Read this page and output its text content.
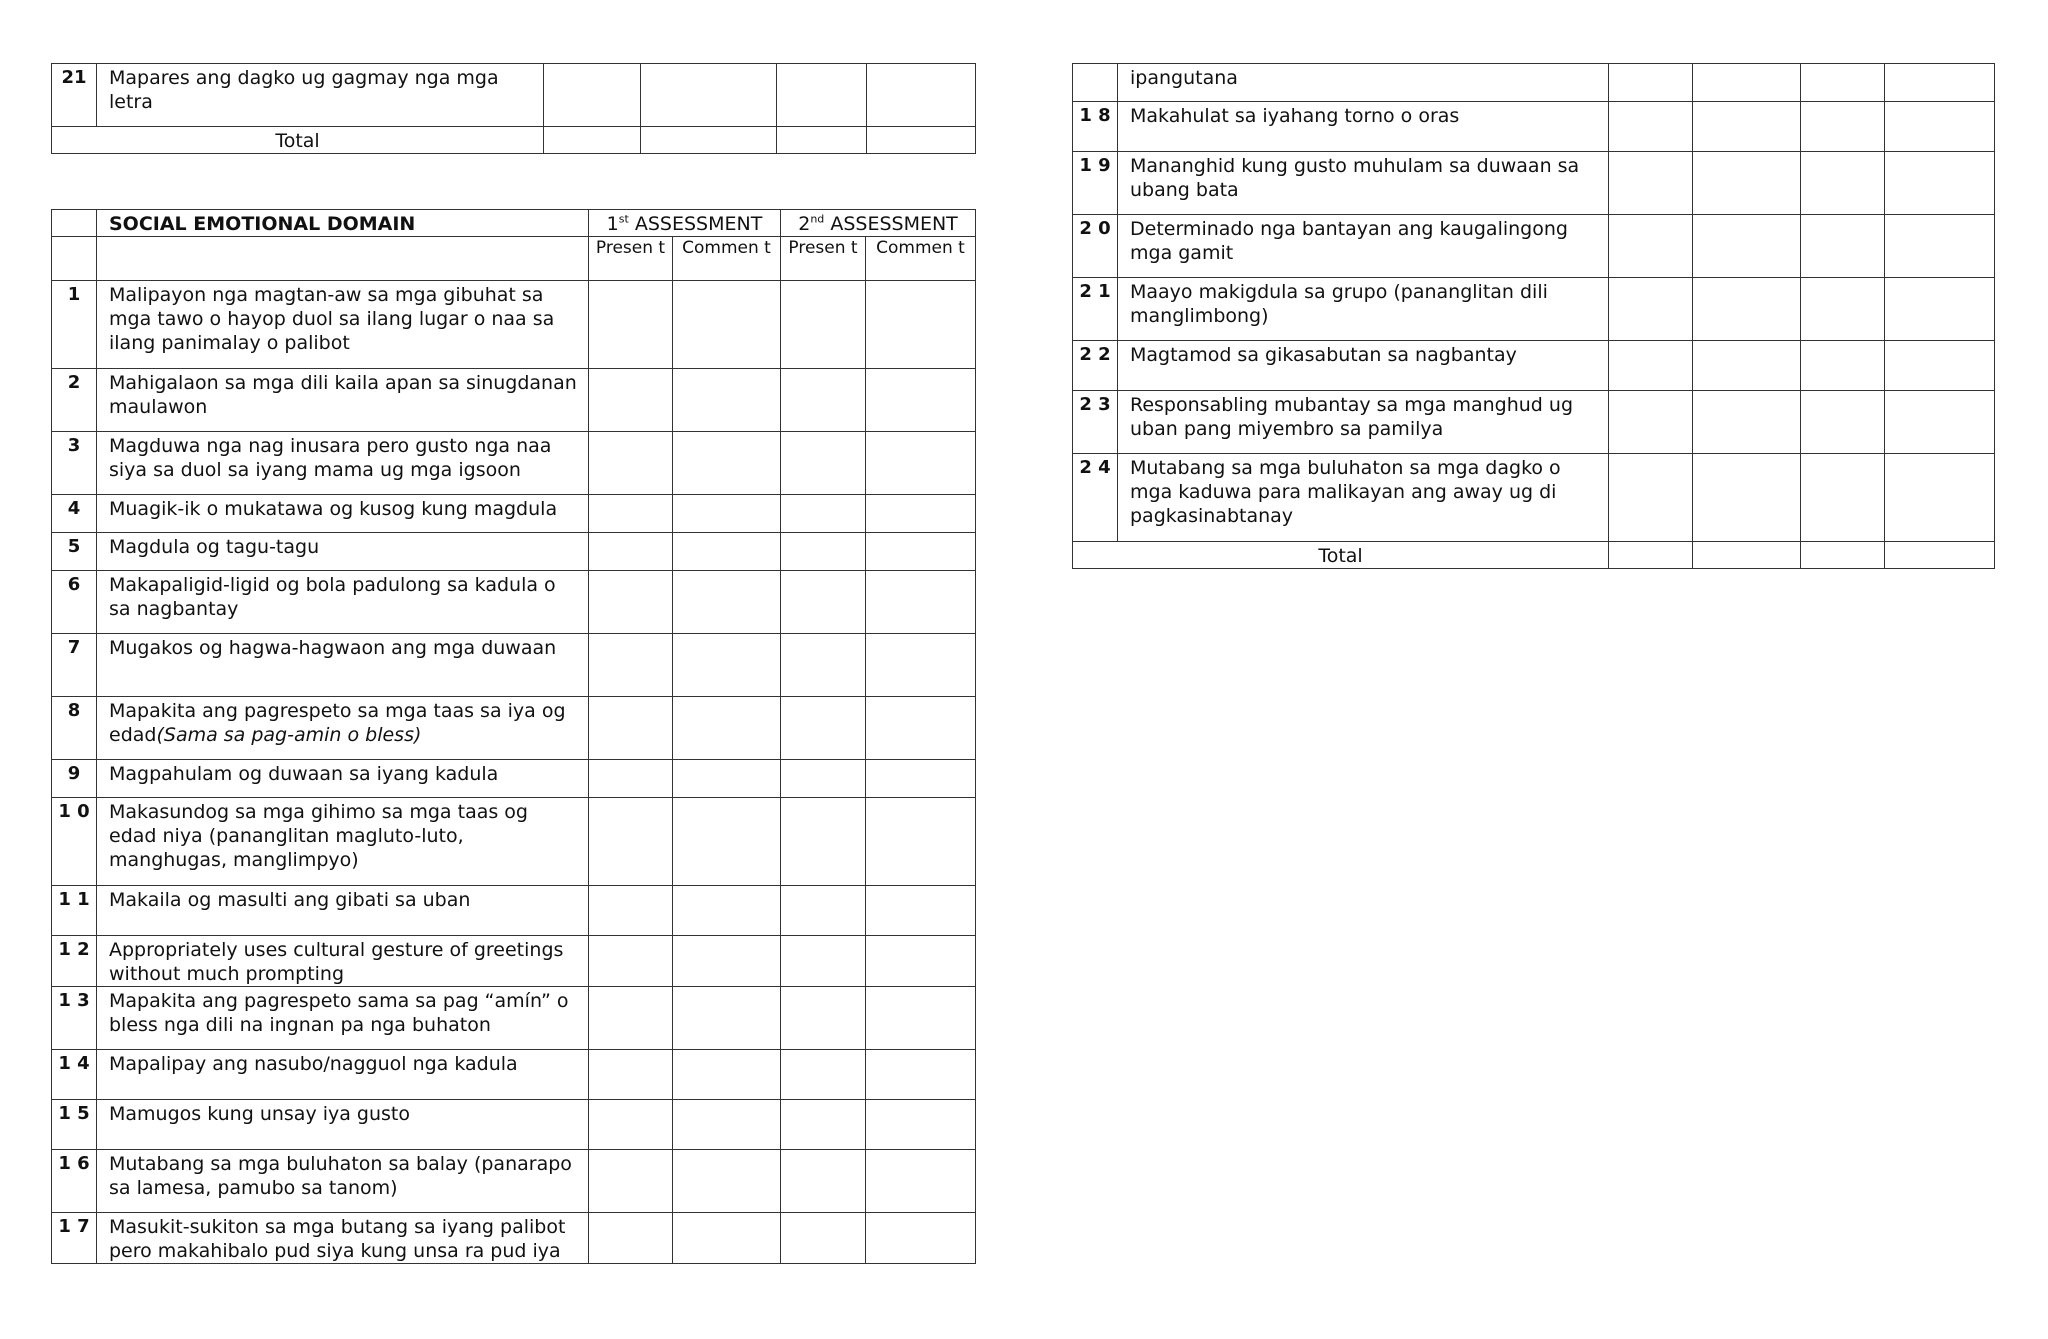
21	Mapares ang dagko ug gagmay nga mga letra				
Total					
	SOCIAL EMOTIONAL DOMAIN	1st ASSESSMENT		2nd ASSESSMENT	
		Presen t	Commen t	Presen t	Commen t
1	Malipayon nga magtan-aw sa mga gibuhat sa mga tawo o hayop duol sa ilang lugar o naa sa ilang panimalay o palibot				
2	Mahigalaon sa mga dili kaila apan sa sinugdanan maulawon				
3	Magduwa nga nag inusara pero gusto nga naa siya sa duol sa iyang mama ug mga igsoon				
4	Muagik-ik o mukatawa og kusog kung magdula				
5	Magdula og tagu-tagu				
6	Makapaligid-ligid og bola padulong sa kadula o sa nagbantay				
7	Mugakos og hagwa-hagwaon ang mga duwaan				
8	Mapakita ang pagrespeto sa mga taas sa iya og edad(Sama sa pag-amin o bless)				
9	Magpahulam og duwaan sa iyang kadula				
1 0	Makasundog sa mga gihimo sa mga taas og edad niya (pananglitan magluto-luto, manghugas, manglimpyo)				
1 1	Makaila og masulti ang gibati sa uban				
1 2	Appropriately uses cultural gesture of greetings without much prompting				
1 3	Mapakita ang pagrespeto sama sa pag “amín” o bless nga dili na ingnan pa nga buhaton				
1 4	Mapalipay ang nasubo/nagguol nga kadula				
1 5	Mamugos kung unsay iya gusto				
1 6	Mutabang sa mga buluhaton sa balay (panarapo sa lamesa, pamubo sa tanom)				
1 7	Masukit-sukiton sa mga butang sa iyang palibot pero makahibalo pud siya kung unsa ra pud iya				
	ipangutana				
1 8	Makahulat sa iyahang torno o oras				
1 9	Mananghid kung gusto muhulam sa duwaan sa ubang bata				
2 0	Determinado nga bantayan ang kaugalingong mga gamit				
2 1	Maayo makigdula sa grupo (pananglitan dili manglimbong)				
2 2	Magtamod sa gikasabutan sa nagbantay				
2 3	Responsabling mubantay sa mga manghud ug uban pang miyembro sa pamilya				
2 4	Mutabang sa mga buluhaton sa mga dagko o mga kaduwa para malikayan ang away ug di pagkasinabtanay				
Total					
